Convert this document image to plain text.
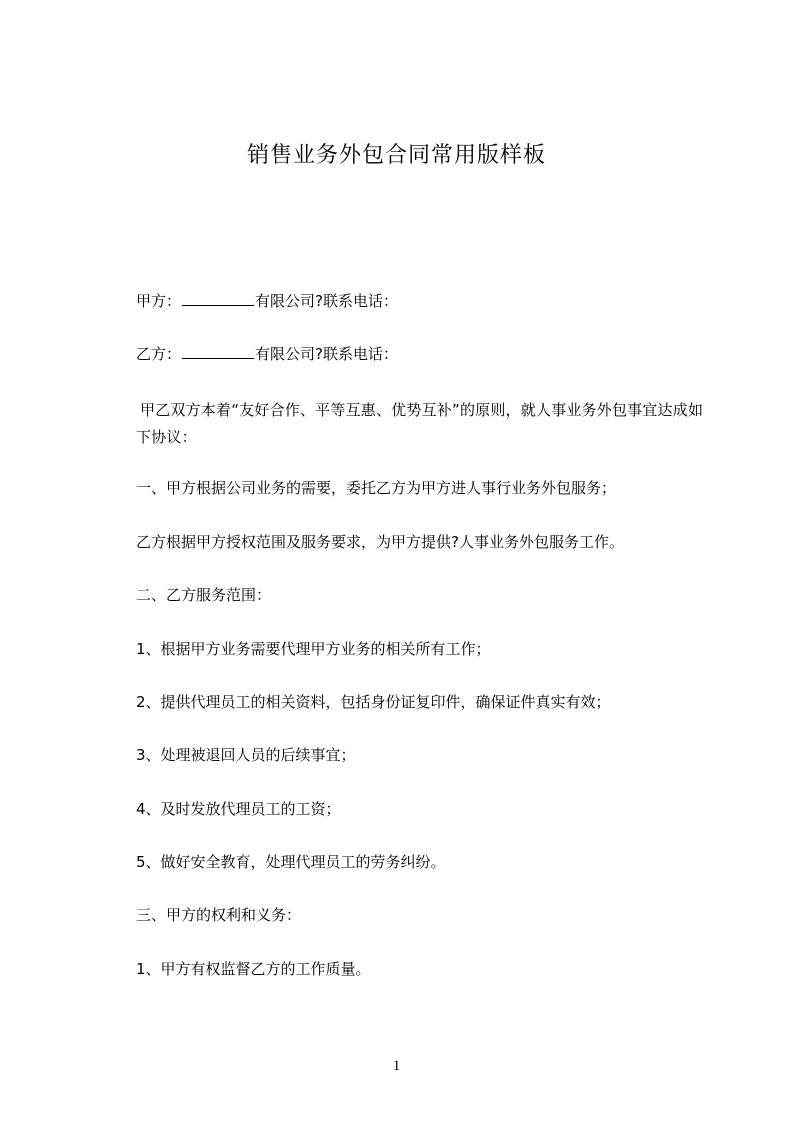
销售业务外包合同常用版样板
甲方：	有限公司?联系电话：
乙方：	有限公司?联系电话：
甲乙双方本着“友好合作、平等互惠、优势互补”的原则，就人事业务外包事宜达成如下协议：
一、甲方根据公司业务的需要，委托乙方为甲方进人事行业务外包服务；
乙方根据甲方授权范围及服务要求，为甲方提供?人事业务外包服务工作。
二、乙方服务范围：
1、根据甲方业务需要代理甲方业务的相关所有工作；
2、提供代理员工的相关资料，包括身份证复印件，确保证件真实有效；
3、处理被退回人员的后续事宜；
4、及时发放代理员工的工资；
5、做好安全教育，处理代理员工的劳务纠纷。
三、甲方的权利和义务：
1、甲方有权监督乙方的工作质量。
1
